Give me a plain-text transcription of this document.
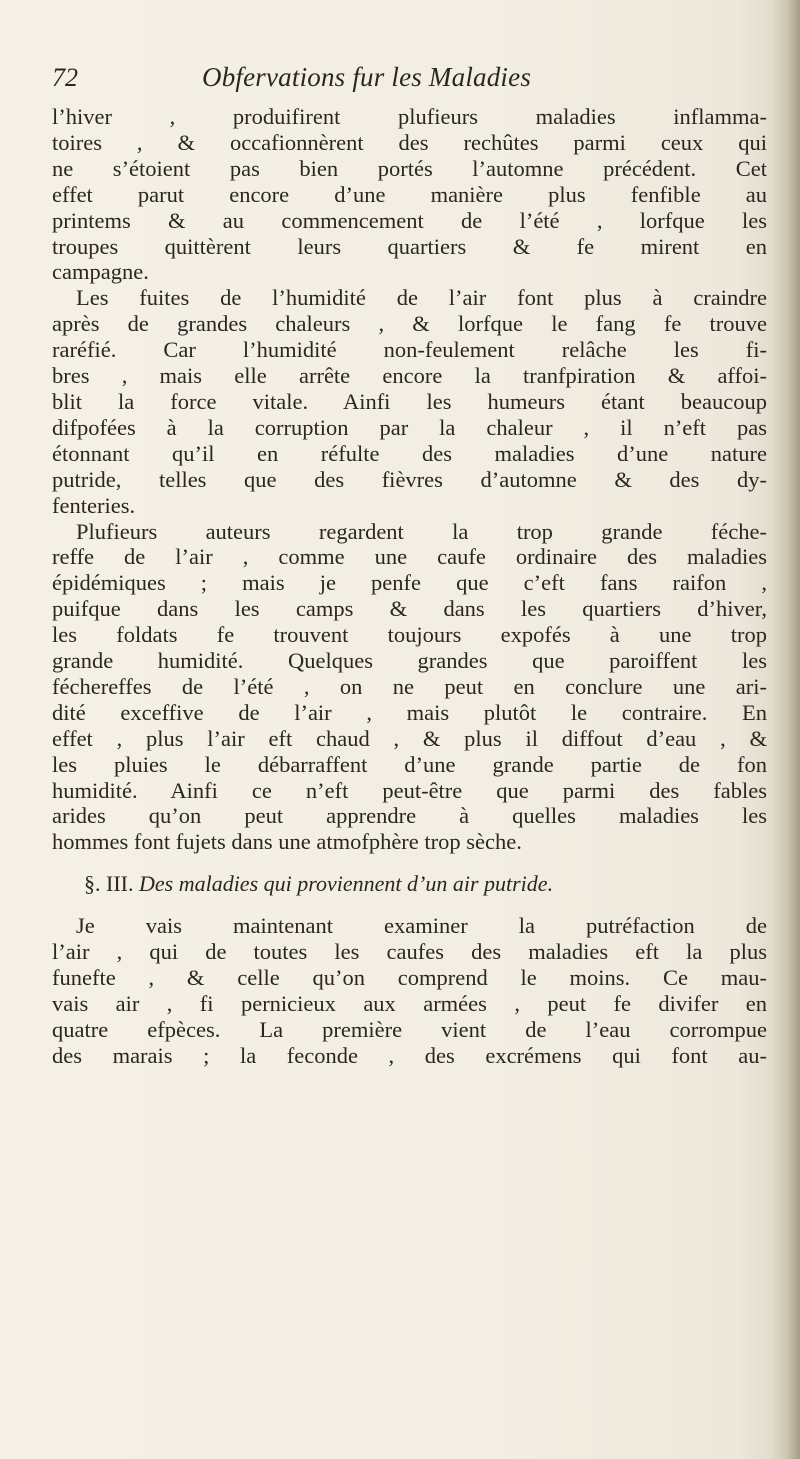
72	Obfervations fur les Maladies
l’hiver , produifirent plufieurs maladies inflamma-
toires , & occafionnèrent des rechûtes parmi ceux qui
ne s’étoient pas bien portés l’automne précédent. Cet
effet parut encore d’une manière plus fenfible au
printems & au commencement de l’été , lorfque les
troupes quittèrent leurs quartiers & fe mirent en
campagne.
Les fuites de l’humidité de l’air font plus à craindre
après de grandes chaleurs , & lorfque le fang fe trouve
raréfié. Car l’humidité non-feulement relâche les fi-
bres , mais elle arrête encore la tranfpiration & affoi-
blit la force vitale. Ainfi les humeurs étant beaucoup
difpofées à la corruption par la chaleur , il n’eft pas
étonnant qu’il en réfulte des maladies d’une nature
putride, telles que des fièvres d’automne & des dy-
fenteries.
Plufieurs auteurs regardent la trop grande féche-
reffe de l’air , comme une caufe ordinaire des maladies
épidémiques ; mais je penfe que c’eft fans raifon ,
puifque dans les camps & dans les quartiers d’hiver,
les foldats fe trouvent toujours expofés à une trop
grande humidité. Quelques grandes que paroiffent les
féchereffes de l’été , on ne peut en conclure une ari-
dité exceffive de l’air , mais plutôt le contraire. En
effet , plus l’air eft chaud , & plus il diffout d’eau , &
les pluies le débarraffent d’une grande partie de fon
humidité. Ainfi ce n’eft peut-être que parmi des fables
arides qu’on peut apprendre à quelles maladies les
hommes font fujets dans une atmofphère trop sèche.
§. III. Des maladies qui proviennent d’un air putride.
Je vais maintenant examiner la putréfaction de
l’air , qui de toutes les caufes des maladies eft la plus
funefte , & celle qu’on comprend le moins. Ce mau-
vais air , fi pernicieux aux armées , peut fe divifer en
quatre efpèces. La première vient de l’eau corrompue
des marais ; la feconde , des excrémens qui font au-
